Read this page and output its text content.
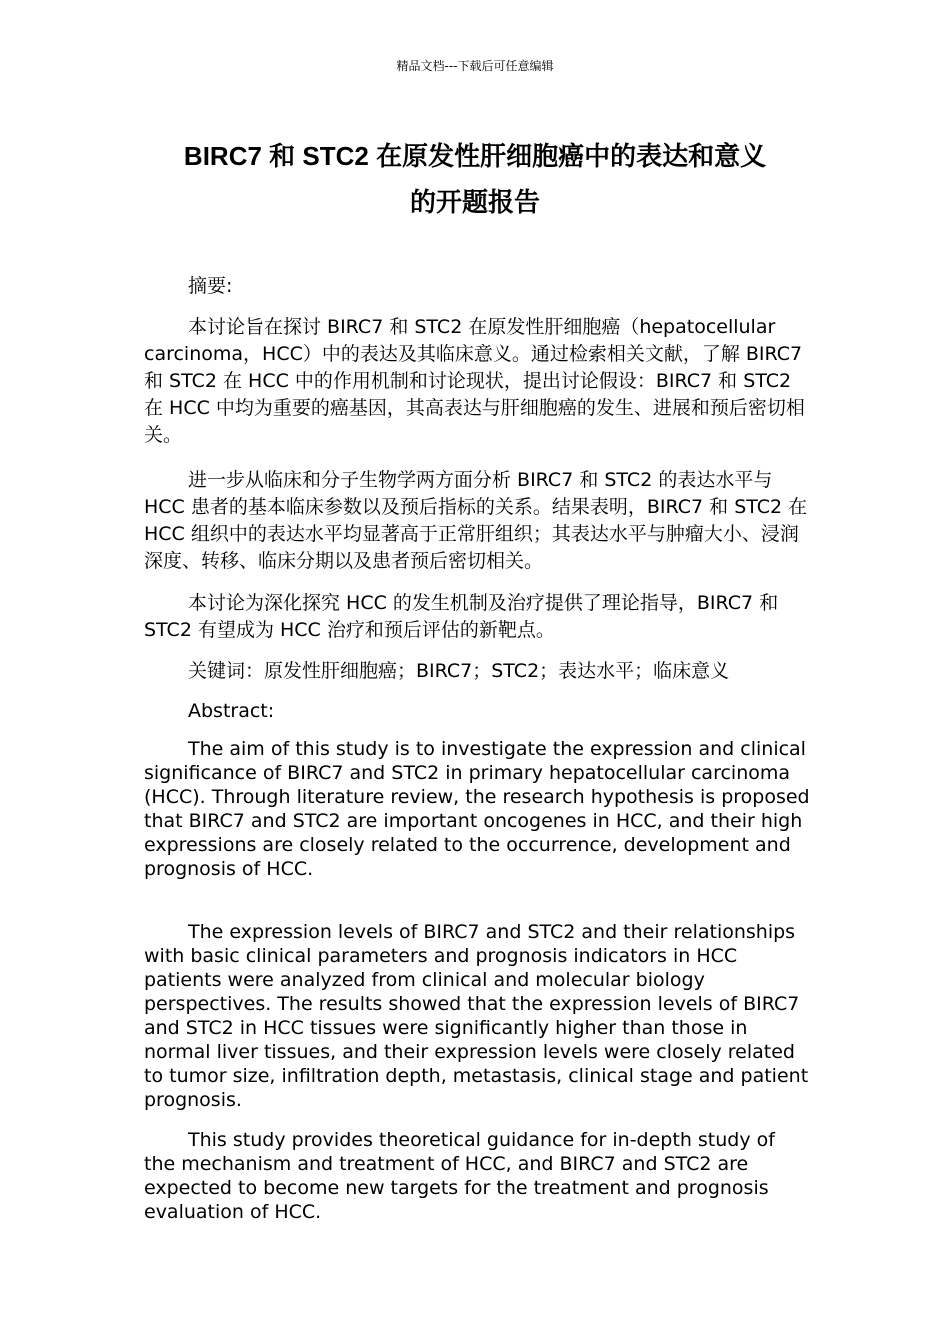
精品文档---下载后可任意编辑
BIRC7 和 STC2 在原发性肝细胞癌中的表达和意义
的开题报告

摘要:

本讨论旨在探讨 BIRC7 和 STC2 在原发性肝细胞癌（hepatocellular carcinoma，HCC）中的表达及其临床意义。通过检索相关文献，了解 BIRC7 和 STC2 在 HCC 中的作用机制和讨论现状，提出讨论假设：BIRC7 和 STC2 在 HCC 中均为重要的癌基因，其高表达与肝细胞癌的发生、进展和预后密切相关。

进一步从临床和分子生物学两方面分析 BIRC7 和 STC2 的表达水平与 HCC 患者的基本临床参数以及预后指标的关系。结果表明，BIRC7 和 STC2 在 HCC 组织中的表达水平均显著高于正常肝组织；其表达水平与肿瘤大小、浸润深度、转移、临床分期以及患者预后密切相关。

本讨论为深化探究 HCC 的发生机制及治疗提供了理论指导，BIRC7 和 STC2 有望成为 HCC 治疗和预后评估的新靶点。

关键词：原发性肝细胞癌；BIRC7；STC2；表达水平；临床意义

Abstract:

The aim of this study is to investigate the expression and clinical significance of BIRC7 and STC2 in primary hepatocellular carcinoma (HCC). Through literature review, the research hypothesis is proposed that BIRC7 and STC2 are important oncogenes in HCC, and their high expressions are closely related to the occurrence, development and prognosis of HCC.

The expression levels of BIRC7 and STC2 and their relationships with basic clinical parameters and prognosis indicators in HCC patients were analyzed from clinical and molecular biology perspectives. The results showed that the expression levels of BIRC7 and STC2 in HCC tissues were significantly higher than those in normal liver tissues, and their expression levels were closely related to tumor size, infiltration depth, metastasis, clinical stage and patient prognosis.

This study provides theoretical guidance for in-depth study of the mechanism and treatment of HCC, and BIRC7 and STC2 are expected to become new targets for the treatment and prognosis evaluation of HCC.
